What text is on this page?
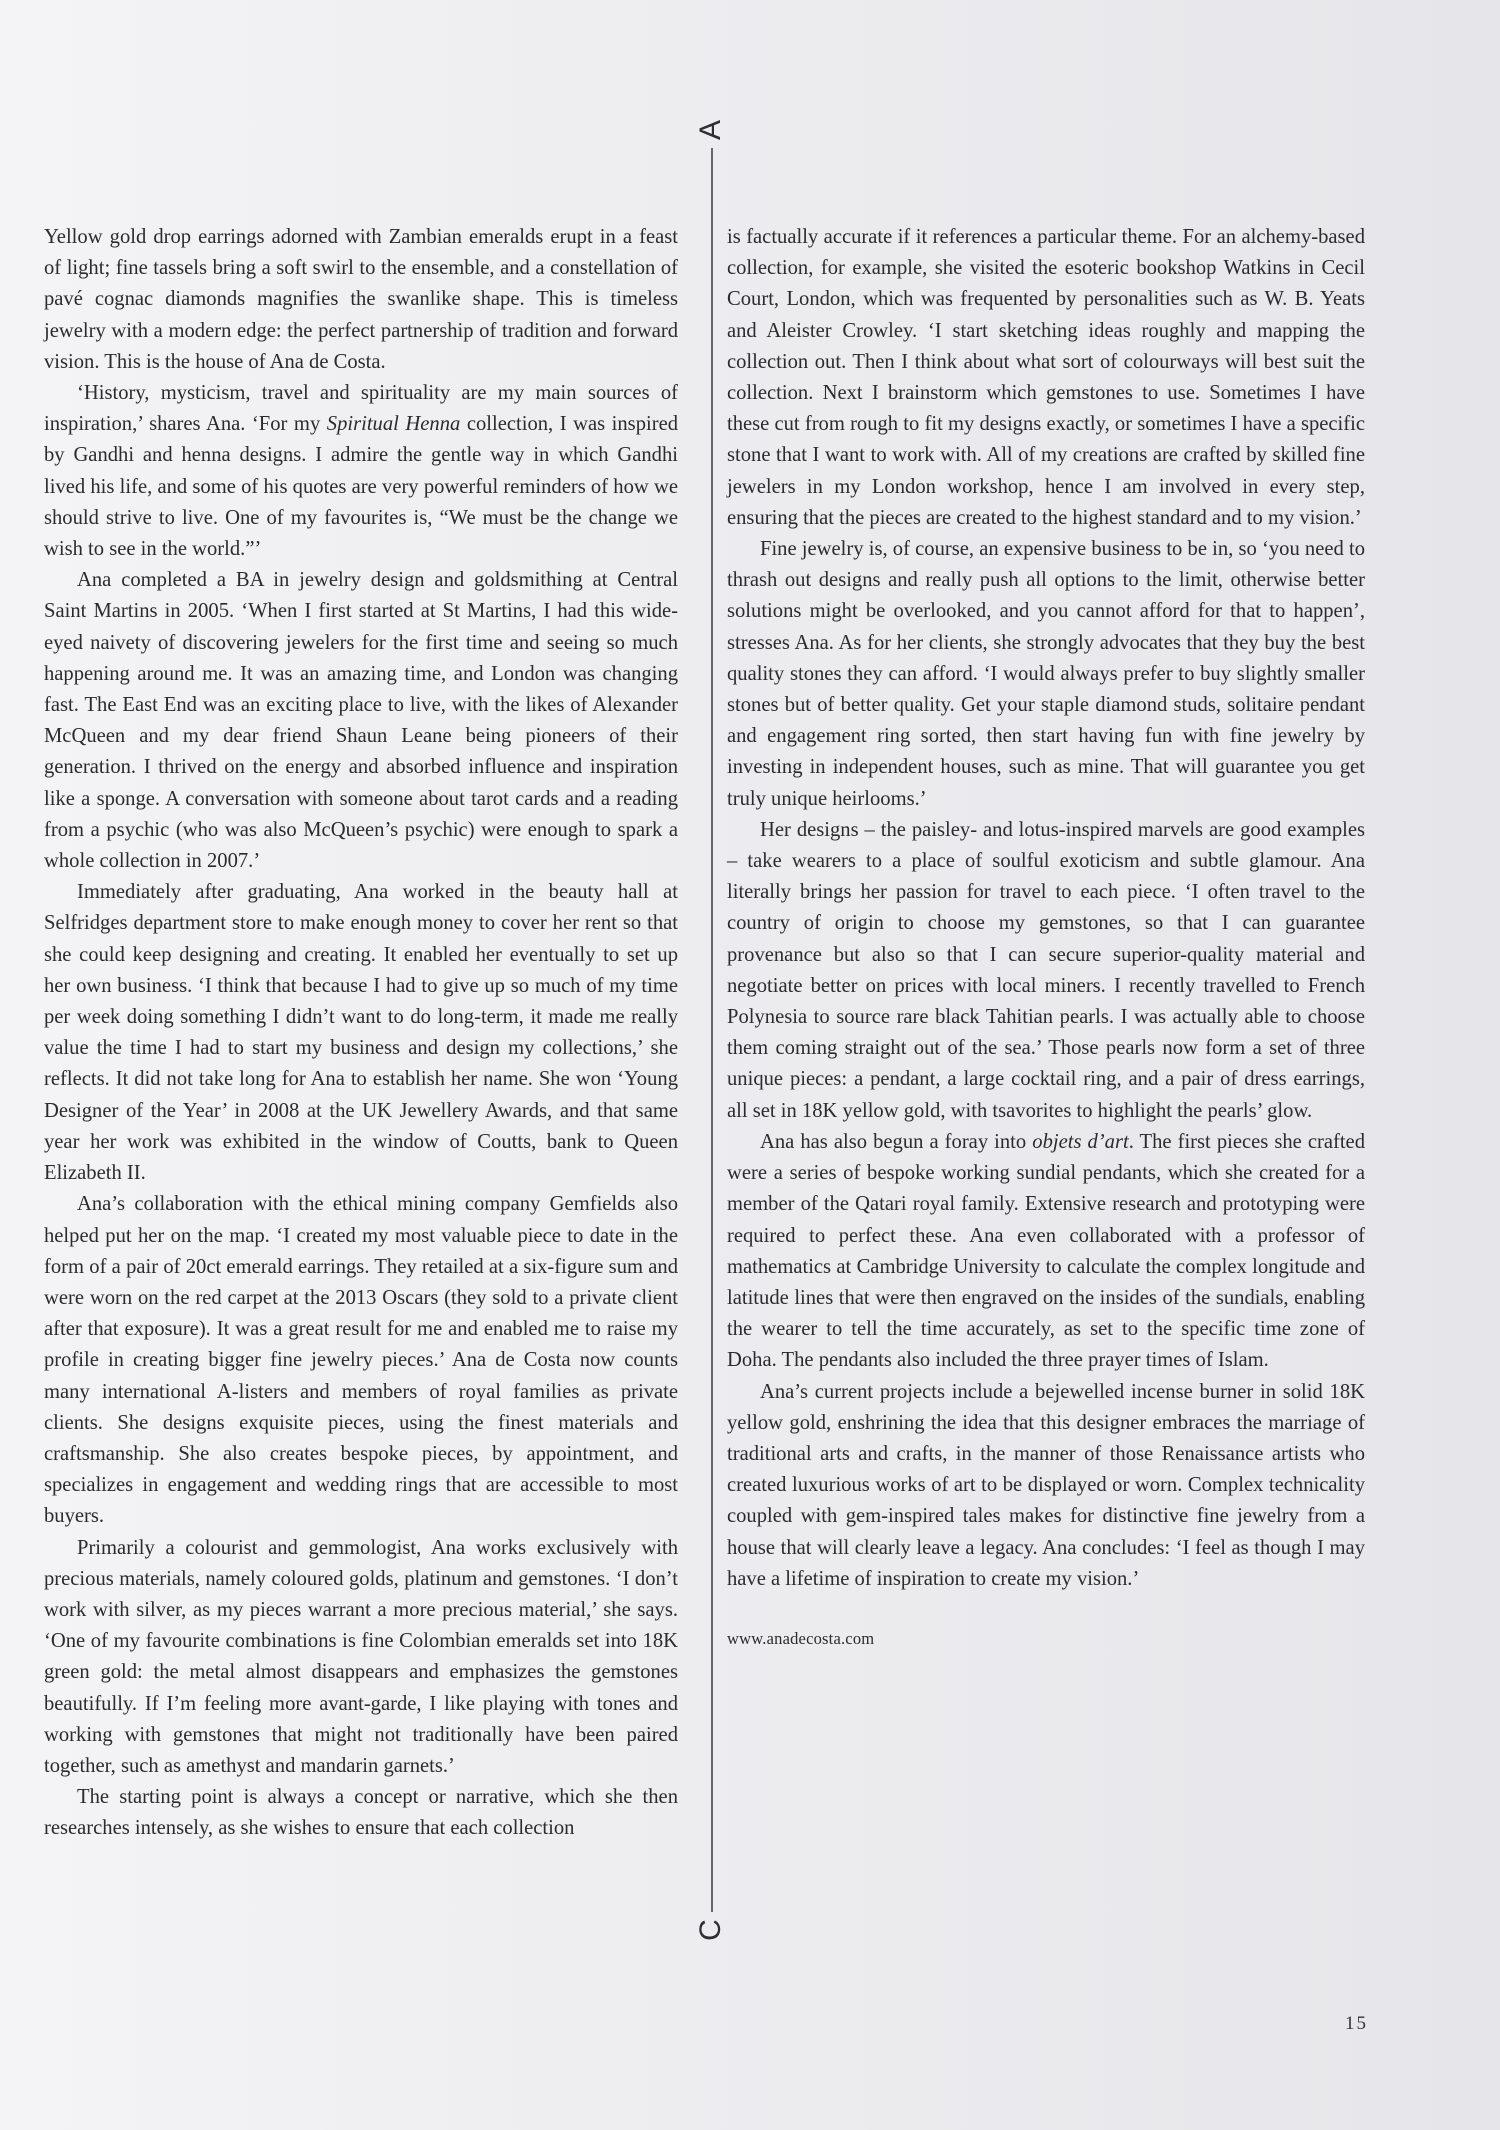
A
C

Yellow gold drop earrings adorned with Zambian emeralds erupt in a feast of light; fine tassels bring a soft swirl to the ensemble, and a constellation of pavé cognac diamonds magnifies the swanlike shape. This is timeless jewelry with a modern edge: the perfect partnership of tradition and forward vision. This is the house of Ana de Costa.

‘History, mysticism, travel and spirituality are my main sources of inspiration,’ shares Ana. ‘For my Spiritual Henna collection, I was inspired by Gandhi and henna designs. I admire the gentle way in which Gandhi lived his life, and some of his quotes are very powerful reminders of how we should strive to live. One of my favourites is, “We must be the change we wish to see in the world.”’

Ana completed a BA in jewelry design and goldsmithing at Central Saint Martins in 2005. ‘When I first started at St Martins, I had this wide-eyed naivety of discovering jewelers for the first time and seeing so much happening around me. It was an amazing time, and London was changing fast. The East End was an exciting place to live, with the likes of Alexander McQueen and my dear friend Shaun Leane being pioneers of their generation. I thrived on the energy and absorbed influence and inspiration like a sponge. A conversation with someone about tarot cards and a reading from a psychic (who was also McQueen’s psychic) were enough to spark a whole collection in 2007.’

Immediately after graduating, Ana worked in the beauty hall at Selfridges department store to make enough money to cover her rent so that she could keep designing and creating. It enabled her eventually to set up her own business. ‘I think that because I had to give up so much of my time per week doing something I didn’t want to do long-term, it made me really value the time I had to start my business and design my collections,’ she reflects. It did not take long for Ana to establish her name. She won ‘Young Designer of the Year’ in 2008 at the UK Jewellery Awards, and that same year her work was exhibited in the window of Coutts, bank to Queen Elizabeth II.

Ana’s collaboration with the ethical mining company Gemfields also helped put her on the map. ‘I created my most valuable piece to date in the form of a pair of 20ct emerald earrings. They retailed at a six-figure sum and were worn on the red carpet at the 2013 Oscars (they sold to a private client after that exposure). It was a great result for me and enabled me to raise my profile in creating bigger fine jewelry pieces.’ Ana de Costa now counts many international A-listers and members of royal families as private clients. She designs exquisite pieces, using the finest materials and craftsmanship. She also creates bespoke pieces, by appointment, and specializes in engagement and wedding rings that are accessible to most buyers.

Primarily a colourist and gemmologist, Ana works exclusively with precious materials, namely coloured golds, platinum and gemstones. ‘I don’t work with silver, as my pieces warrant a more precious material,’ she says. ‘One of my favourite combinations is fine Colombian emeralds set into 18K green gold: the metal almost disappears and emphasizes the gemstones beautifully. If I’m feeling more avant-garde, I like playing with tones and working with gemstones that might not traditionally have been paired together, such as amethyst and mandarin garnets.’

The starting point is always a concept or narrative, which she then researches intensely, as she wishes to ensure that each collection

is factually accurate if it references a particular theme. For an alchemy-based collection, for example, she visited the esoteric bookshop Watkins in Cecil Court, London, which was frequented by personalities such as W. B. Yeats and Aleister Crowley. ‘I start sketching ideas roughly and mapping the collection out. Then I think about what sort of colourways will best suit the collection. Next I brainstorm which gemstones to use. Sometimes I have these cut from rough to fit my designs exactly, or sometimes I have a specific stone that I want to work with. All of my creations are crafted by skilled fine jewelers in my London workshop, hence I am involved in every step, ensuring that the pieces are created to the highest standard and to my vision.’

Fine jewelry is, of course, an expensive business to be in, so ‘you need to thrash out designs and really push all options to the limit, otherwise better solutions might be overlooked, and you cannot afford for that to happen’, stresses Ana. As for her clients, she strongly advocates that they buy the best quality stones they can afford. ‘I would always prefer to buy slightly smaller stones but of better quality. Get your staple diamond studs, solitaire pendant and engagement ring sorted, then start having fun with fine jewelry by investing in independent houses, such as mine. That will guarantee you get truly unique heirlooms.’

Her designs – the paisley- and lotus-inspired marvels are good examples – take wearers to a place of soulful exoticism and subtle glamour. Ana literally brings her passion for travel to each piece. ‘I often travel to the country of origin to choose my gemstones, so that I can guarantee provenance but also so that I can secure superior-quality material and negotiate better on prices with local miners. I recently travelled to French Polynesia to source rare black Tahitian pearls. I was actually able to choose them coming straight out of the sea.’ Those pearls now form a set of three unique pieces: a pendant, a large cocktail ring, and a pair of dress earrings, all set in 18K yellow gold, with tsavorites to highlight the pearls’ glow.

Ana has also begun a foray into objets d’art. The first pieces she crafted were a series of bespoke working sundial pendants, which she created for a member of the Qatari royal family. Extensive research and prototyping were required to perfect these. Ana even collaborated with a professor of mathematics at Cambridge University to calculate the complex longitude and latitude lines that were then engraved on the insides of the sundials, enabling the wearer to tell the time accurately, as set to the specific time zone of Doha. The pendants also included the three prayer times of Islam.

Ana’s current projects include a bejewelled incense burner in solid 18K yellow gold, enshrining the idea that this designer embraces the marriage of traditional arts and crafts, in the manner of those Renaissance artists who created luxurious works of art to be displayed or worn. Complex technicality coupled with gem-inspired tales makes for distinctive fine jewelry from a house that will clearly leave a legacy. Ana concludes: ‘I feel as though I may have a lifetime of inspiration to create my vision.’

www.anadecosta.com

15
